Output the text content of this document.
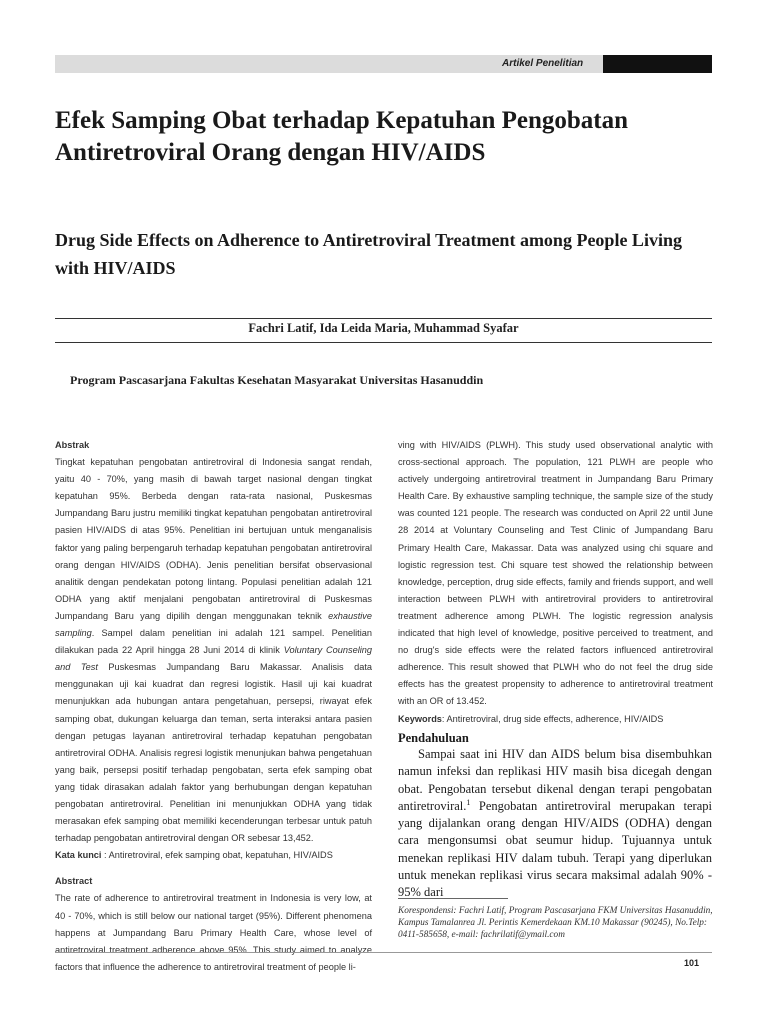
Artikel Penelitian
Efek Samping Obat terhadap Kepatuhan Pengobatan Antiretroviral Orang dengan HIV/AIDS
Drug Side Effects on Adherence to Antiretroviral Treatment among People Living with HIV/AIDS
Fachri Latif, Ida Leida Maria, Muhammad Syafar
Program Pascasarjana Fakultas Kesehatan Masyarakat Universitas Hasanuddin

Abstrak

Tingkat kepatuhan pengobatan antiretroviral di Indonesia sangat rendah, yaitu 40 - 70%, yang masih di bawah target nasional dengan tingkat kepatuhan 95%. Berbeda dengan rata-rata nasional, Puskesmas Jumpandang Baru justru memiliki tingkat kepatuhan pengobatan antiretroviral pasien HIV/AIDS di atas 95%. Penelitian ini bertujuan untuk menganalisis faktor yang paling berpengaruh terhadap kepatuhan pengobatan antiretroviral orang dengan HIV/AIDS (ODHA). Jenis penelitian bersifat observasional analitik dengan pendekatan potong lintang. Populasi penelitian adalah 121 ODHA yang aktif menjalani pengobatan antiretroviral di Puskesmas Jumpandang Baru yang dipilih dengan menggunakan teknik exhaustive sampling. Sampel dalam penelitian ini adalah 121 sampel. Penelitian dilakukan pada 22 April hingga 28 Juni 2014 di klinik Voluntary Counseling and Test Puskesmas Jumpandang Baru Makassar. Analisis data menggunakan uji kai kuadrat dan regresi logistik. Hasil uji kai kuadrat menunjukkan ada hubungan antara pengetahuan, persepsi, riwayat efek samping obat, dukungan keluarga dan teman, serta interaksi antara pasien dengan petugas layanan antiretroviral terhadap kepatuhan pengobatan antiretroviral ODHA. Analisis regresi logistik menunjukan bahwa pengetahuan yang baik, persepsi positif terhadap pengobatan, serta efek samping obat yang tidak dirasakan adalah faktor yang berhubungan dengan kepatuhan pengobatan antiretroviral. Penelitian ini menunjukkan ODHA yang tidak merasakan efek samping obat memiliki kecenderungan terbesar untuk patuh terhadap pengobatan antiretroviral dengan OR sebesar 13,452.

Kata kunci : Antiretroviral, efek samping obat, kepatuhan, HIV/AIDS

Abstract

The rate of adherence to antiretroviral treatment in Indonesia is very low, at 40 - 70%, which is still below our national target (95%). Different phenomena happens at Jumpandang Baru Primary Health Care, whose level of antiretroviral treatment adherence above 95%. This study aimed to analyze factors that influence the adherence to antiretroviral treatment of people li-

ving with HIV/AIDS (PLWH). This study used observational analytic with cross-sectional approach. The population, 121 PLWH are people who actively undergoing antiretroviral treatment in Jumpandang Baru Primary Health Care. By exhaustive sampling technique, the sample size of the study was counted 121 people. The research was conducted on April 22 until June 28 2014 at Voluntary Counseling and Test Clinic of Jumpandang Baru Primary Health Care, Makassar. Data was analyzed using chi square and logistic regression test. Chi square test showed the relationship between knowledge, perception, drug side effects, family and friends support, and well interaction between PLWH with antiretroviral providers to antiretroviral treatment adherence among PLWH. The logistic regression analysis indicated that high level of knowledge, positive perceived to treatment, and no drug's side effects were the related factors influenced antiretroviral adherence. This result showed that PLWH who do not feel the drug side effects has the greatest propensity to adherence to antiretroviral treatment with an OR of 13.452.

Keywords: Antiretroviral, drug side effects, adherence, HIV/AIDS

Pendahuluan

Sampai saat ini HIV dan AIDS belum bisa disembuhkan namun infeksi dan replikasi HIV masih bisa dicegah dengan obat. Pengobatan tersebut dikenal dengan terapi pengobatan antiretroviral.$^1$ Pengobatan antiretroviral merupakan terapi yang dijalankan orang dengan HIV/AIDS (ODHA) dengan cara mengonsumsi obat seumur hidup. Tujuannya untuk menekan replikasi HIV dalam tubuh. Terapi yang diperlukan untuk menekan replikasi virus secara maksimal adalah 90% - 95% dari

Korespondensi: Fachri Latif, Program Pascasarjana FKM Universitas Hasanuddin, Kampus Tamalanrea Jl. Perintis Kemerdekaan KM.10 Makassar (90245), No.Telp: 0411-585658, e-mail: fachrilatif@ymail.com

101
